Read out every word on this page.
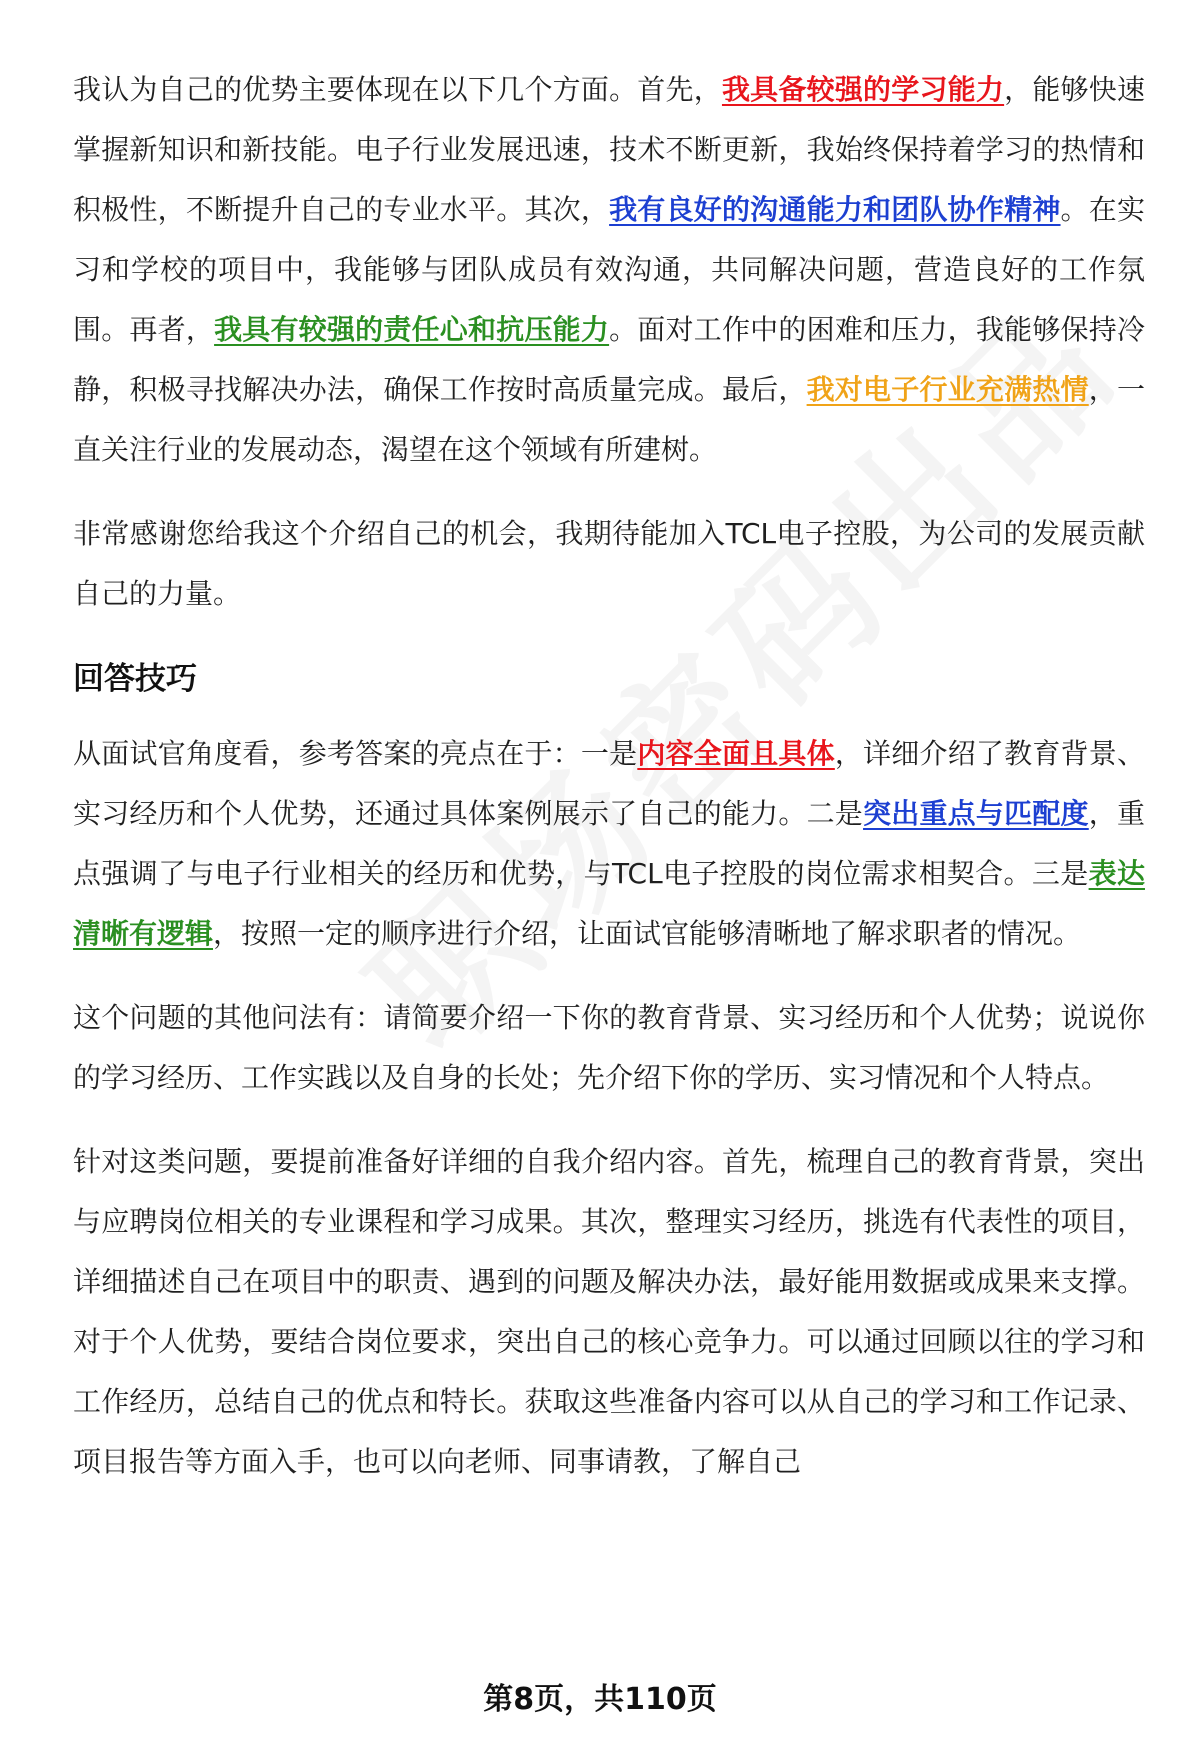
我认为自己的优势主要体现在以下几个方面。首先，我具备较强的学习能力，能够快速掌握新知识和新技能。电子行业发展迅速，技术不断更新，我始终保持着学习的热情和积极性，不断提升自己的专业水平。其次，我有良好的沟通能力和团队协作精神。在实习和学校的项目中，我能够与团队成员有效沟通，共同解决问题，营造良好的工作氛围。再者，我具有较强的责任心和抗压能力。面对工作中的困难和压力，我能够保持冷静，积极寻找解决办法，确保工作按时高质量完成。最后，我对电子行业充满热情，一直关注行业的发展动态，渴望在这个领域有所建树。

非常感谢您给我这个介绍自己的机会，我期待能加入TCL电子控股，为公司的发展贡献自己的力量。

回答技巧

从面试官角度看，参考答案的亮点在于：一是内容全面且具体，详细介绍了教育背景、实习经历和个人优势，还通过具体案例展示了自己的能力。二是突出重点与匹配度，重点强调了与电子行业相关的经历和优势，与TCL电子控股的岗位需求相契合。三是表达清晰有逻辑，按照一定的顺序进行介绍，让面试官能够清晰地了解求职者的情况。

这个问题的其他问法有：请简要介绍一下你的教育背景、实习经历和个人优势；说说你的学习经历、工作实践以及自身的长处；先介绍下你的学历、实习情况和个人特点。

针对这类问题，要提前准备好详细的自我介绍内容。首先，梳理自己的教育背景，突出与应聘岗位相关的专业课程和学习成果。其次，整理实习经历，挑选有代表性的项目，详细描述自己在项目中的职责、遇到的问题及解决办法，最好能用数据或成果来支撑。对于个人优势，要结合岗位要求，突出自己的核心竞争力。可以通过回顾以往的学习和工作经历，总结自己的优点和特长。获取这些准备内容可以从自己的学习和工作记录、项目报告等方面入手，也可以向老师、同事请教，了解自己

第8页，共110页
